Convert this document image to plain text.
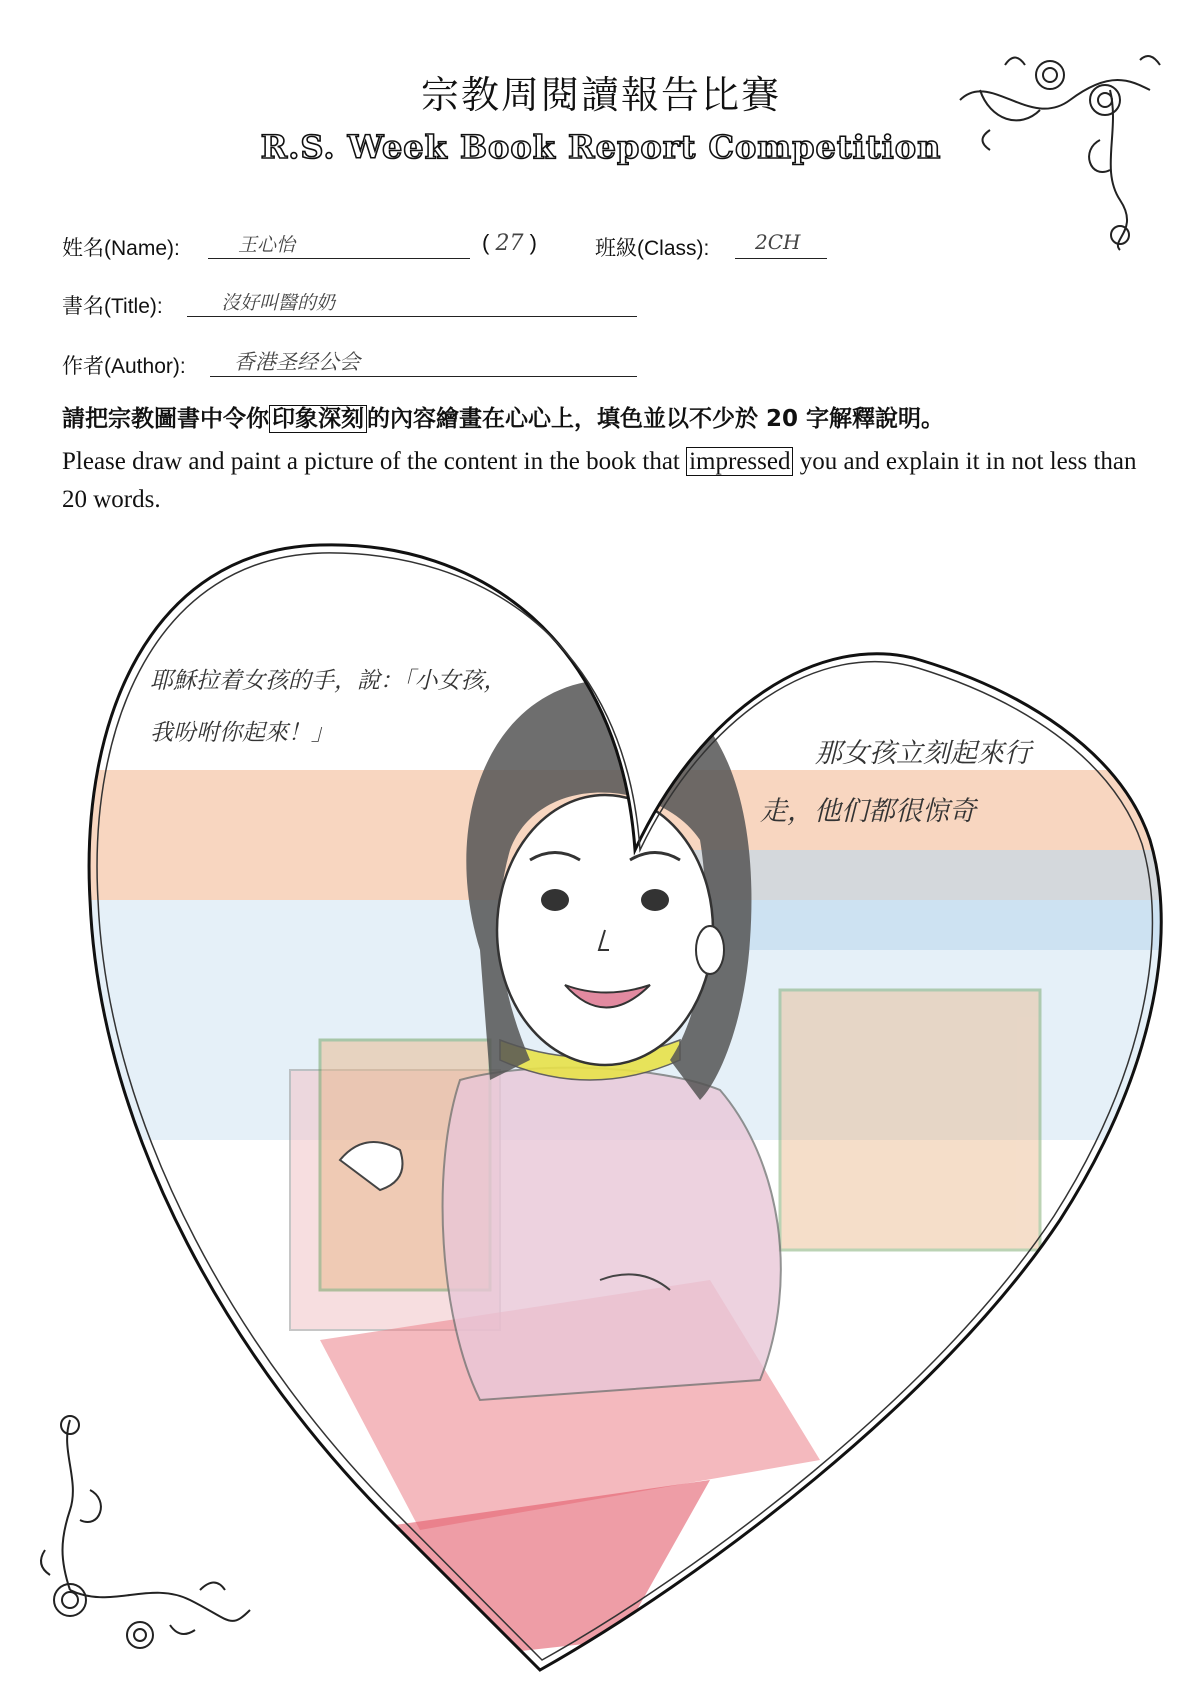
宗教周閱讀報告比賽
R.S. Week Book Report Competition
姓名(Name):	王心怡	( 27 )	班級(Class): 2CH
書名(Title):	沒好叫醫的奶
作者(Author): 香港圣经公会
請把宗教圖書中令你 印象深刻 的內容繪畫在心心上，填色並以不少於 20 字解釋說明。
Please draw and paint a picture of the content in the book that impressed you and explain it in not less than 20 words.
耶穌拉着女孩的手，說：「小女孩，
我吩咐你起來！」
那女孩立刻起來行
走，他们都很惊奇
